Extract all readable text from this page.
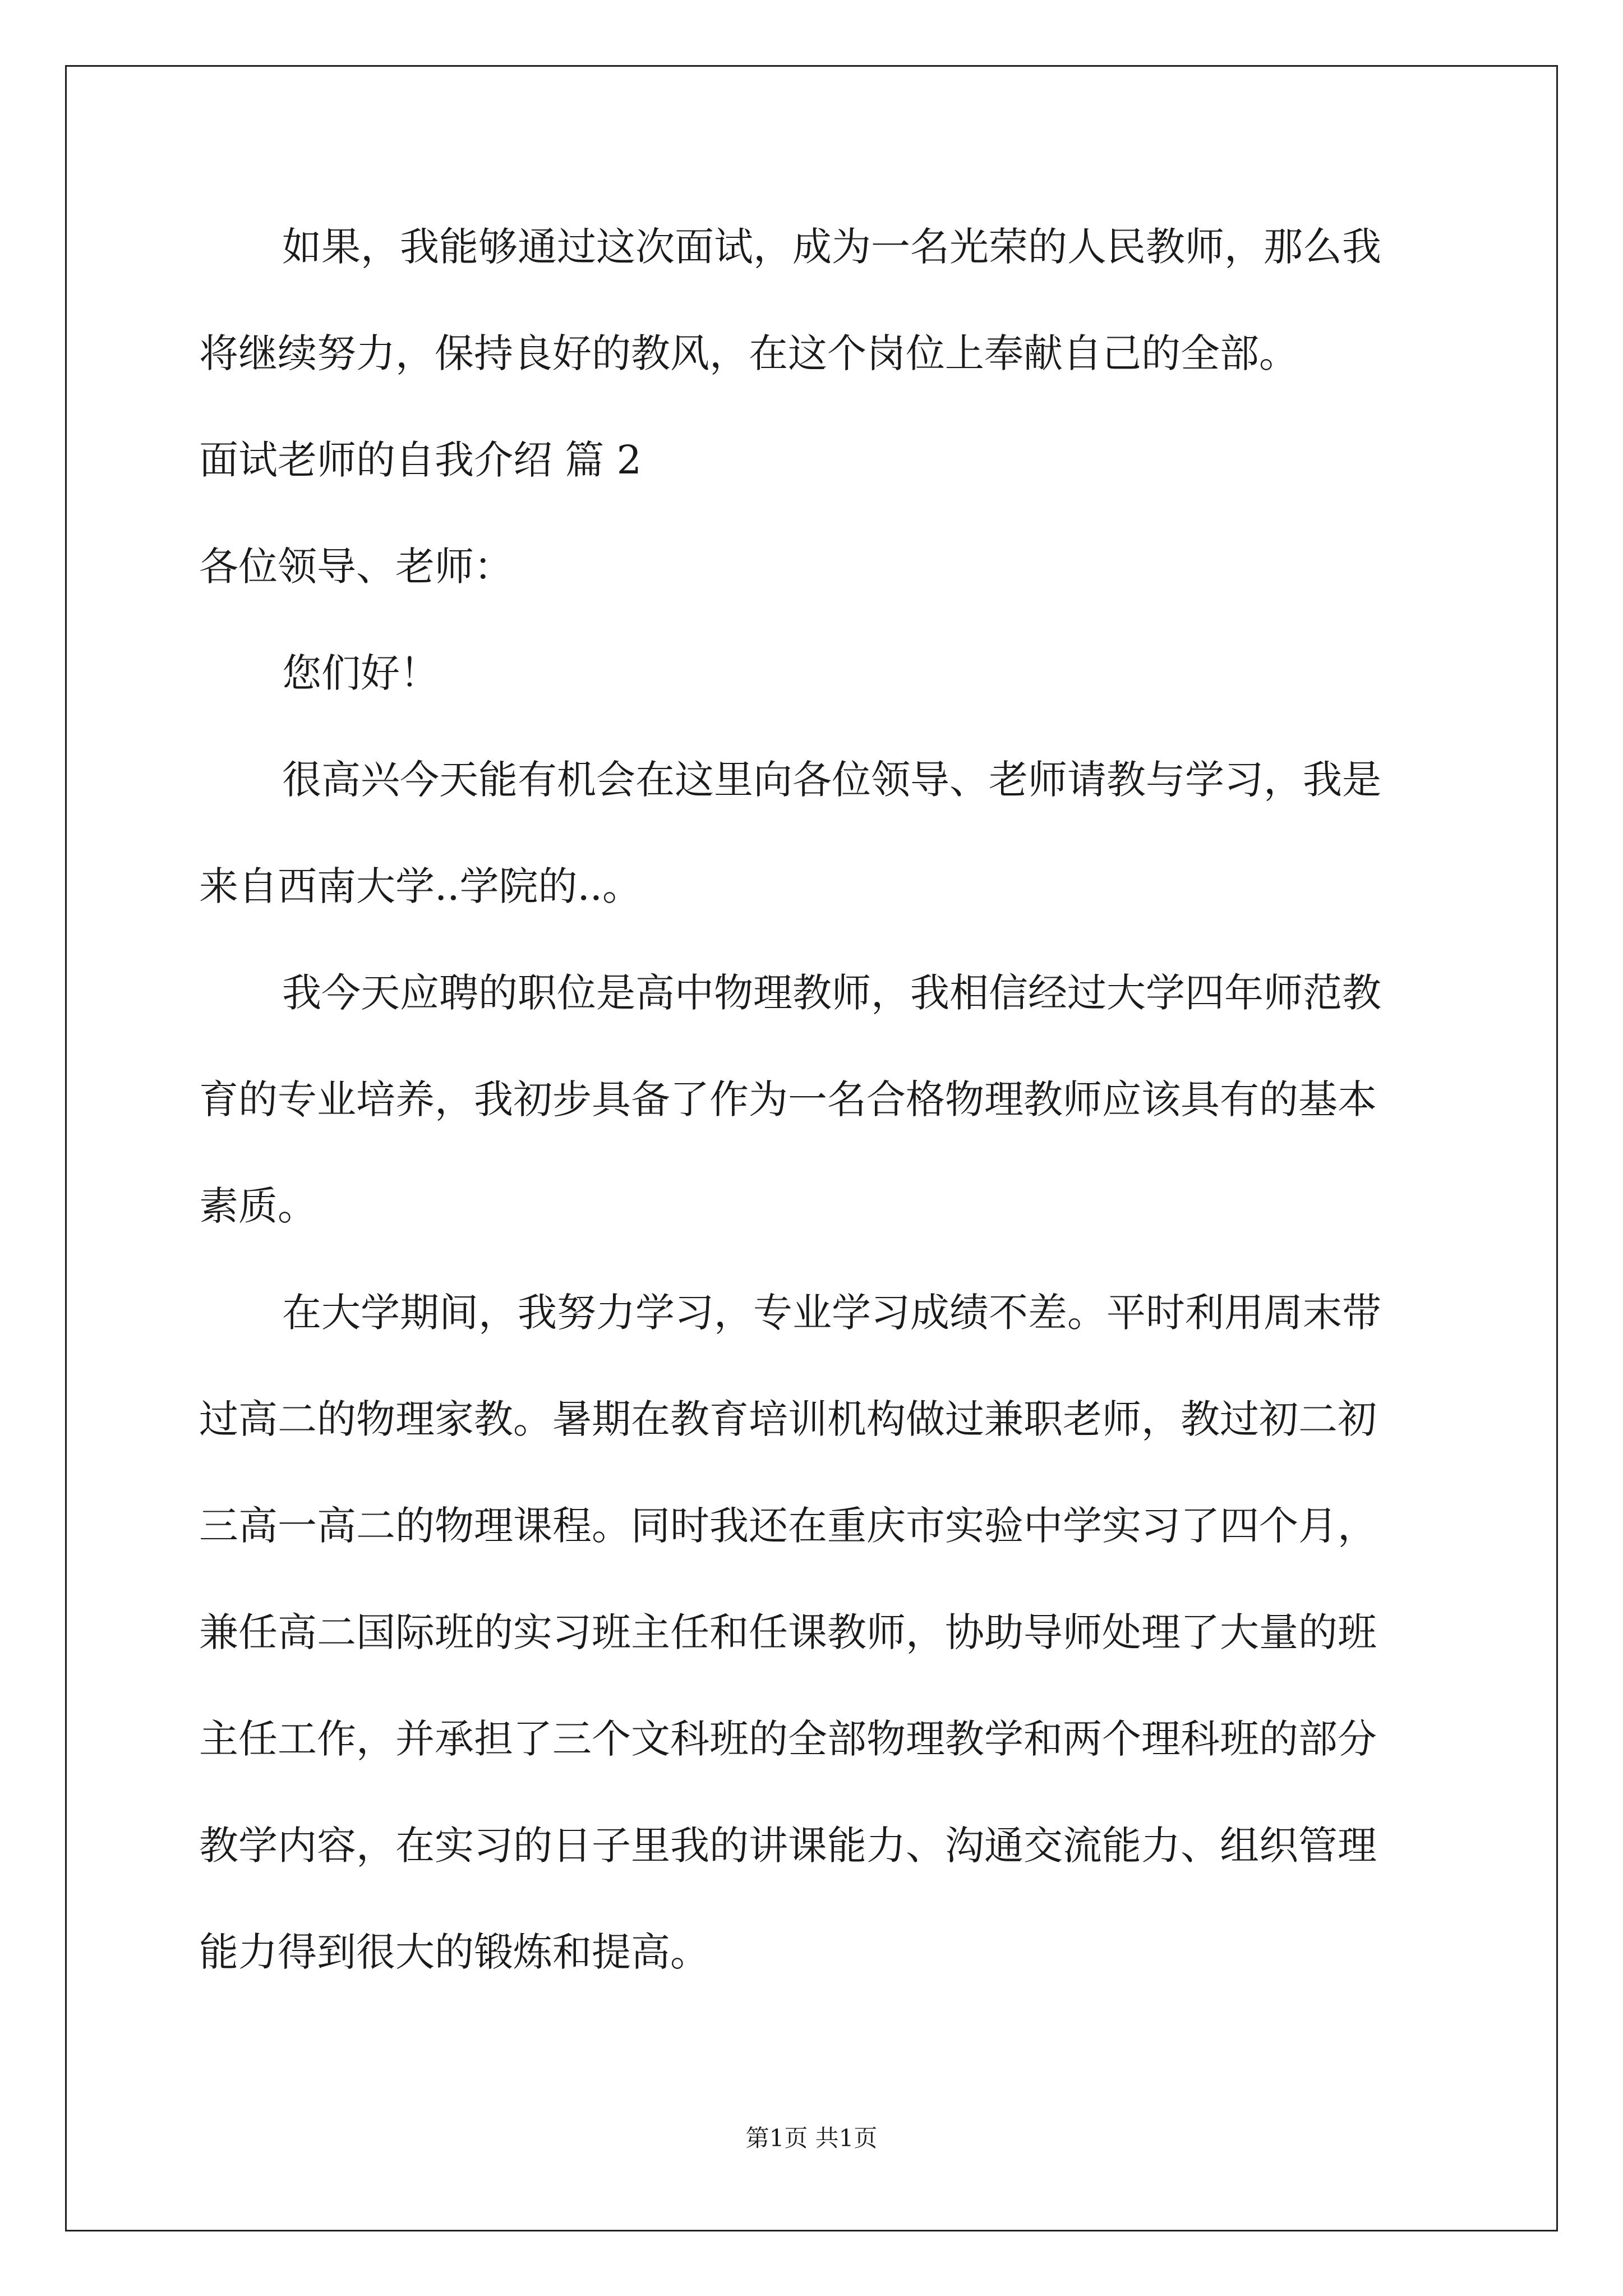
如果，我能够通过这次面试，成为一名光荣的人民教师，那么我
将继续努力，保持良好的教风，在这个岗位上奉献自己的全部。
面试老师的自我介绍 篇 2
各位领导、老师：
您们好！
很高兴今天能有机会在这里向各位领导、老师请教与学习，我是
来自西南大学..学院的..。
我今天应聘的职位是高中物理教师，我相信经过大学四年师范教
育的专业培养，我初步具备了作为一名合格物理教师应该具有的基本
素质。
在大学期间，我努力学习，专业学习成绩不差。平时利用周末带
过高二的物理家教。暑期在教育培训机构做过兼职老师，教过初二初
三高一高二的物理课程。同时我还在重庆市实验中学实习了四个月，
兼任高二国际班的实习班主任和任课教师，协助导师处理了大量的班
主任工作，并承担了三个文科班的全部物理教学和两个理科班的部分
教学内容，在实习的日子里我的讲课能力、沟通交流能力、组织管理
能力得到很大的锻炼和提高。
第1页 共1页
